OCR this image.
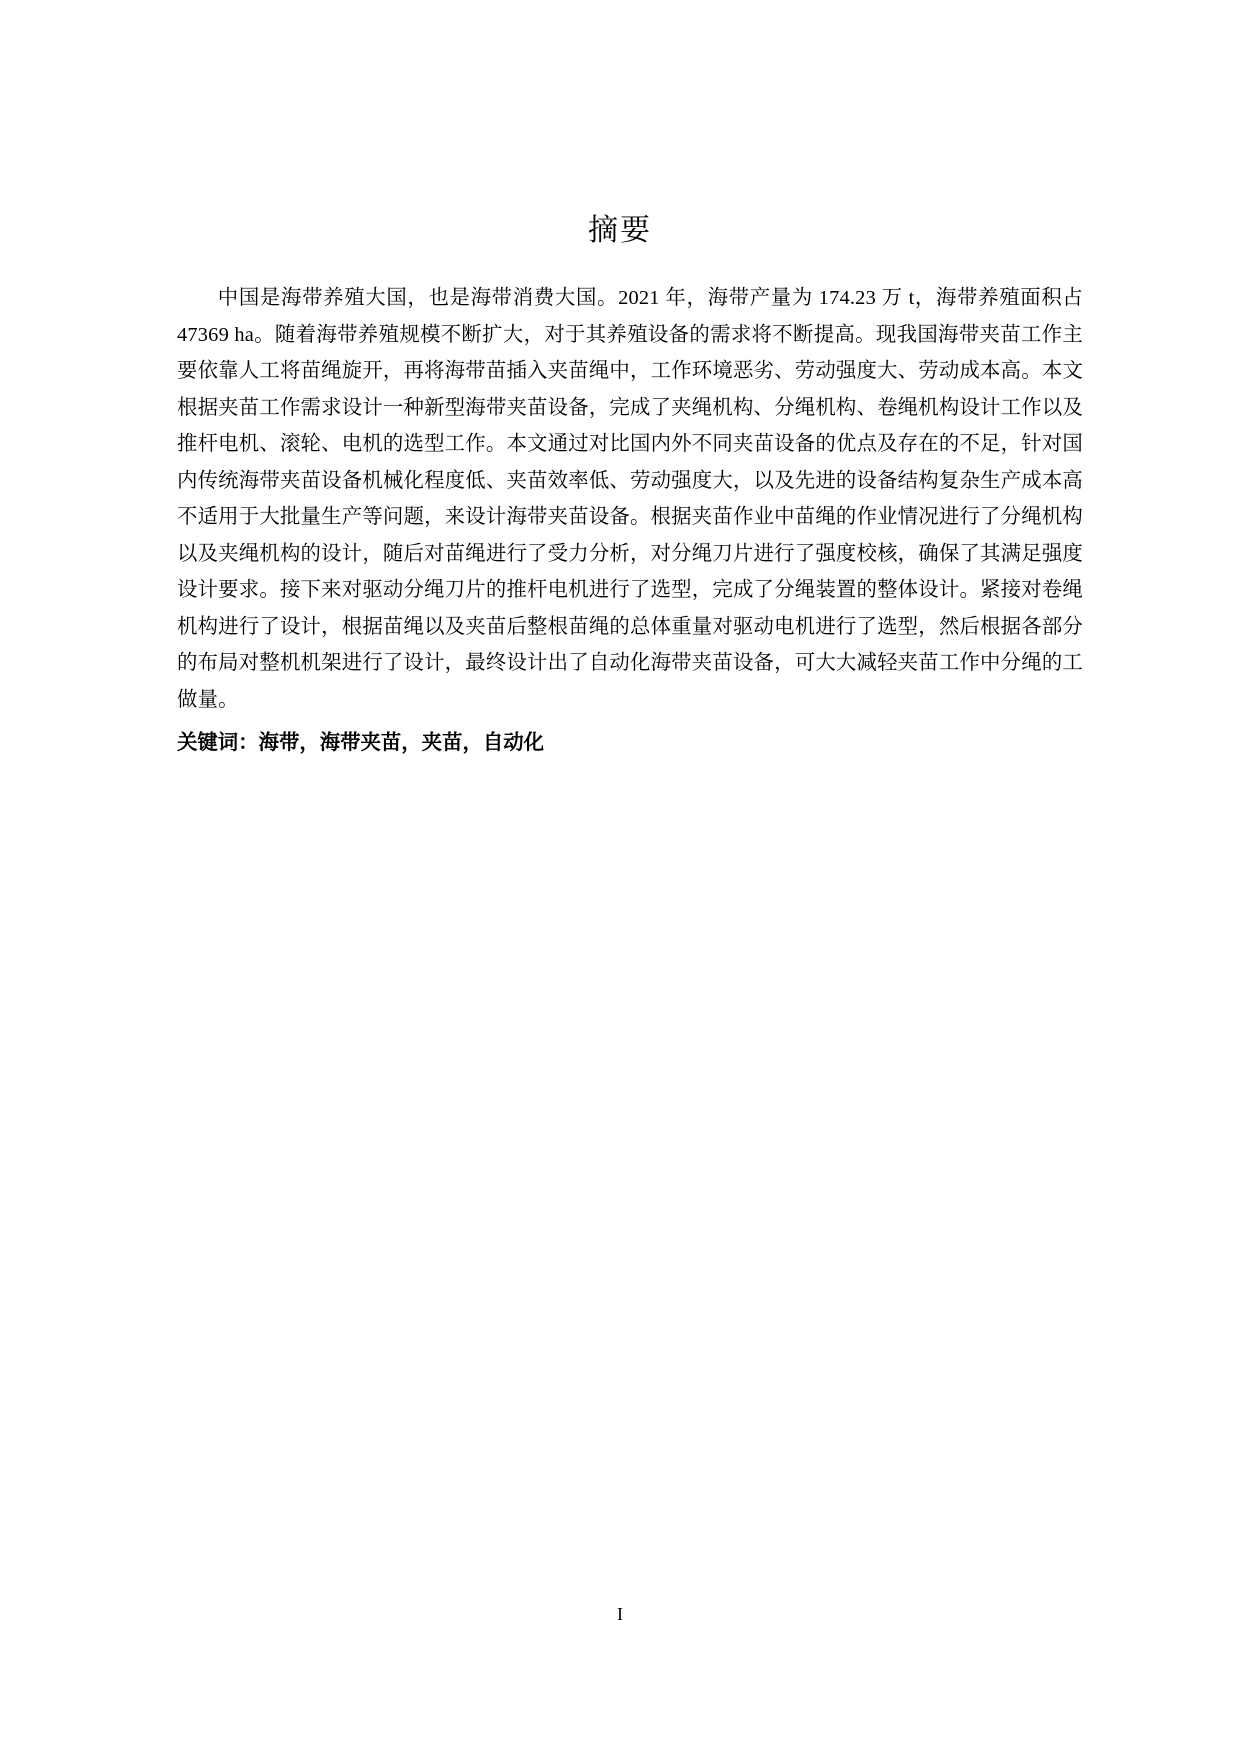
摘要

中国是海带养殖大国，也是海带消费大国。2021 年，海带产量为 174.23 万 t，海带养殖面积占 47369 ha。随着海带养殖规模不断扩大，对于其养殖设备的需求将不断提高。现我国海带夹苗工作主要依靠人工将苗绳旋开，再将海带苗插入夹苗绳中，工作环境恶劣、劳动强度大、劳动成本高。本文根据夹苗工作需求设计一种新型海带夹苗设备，完成了夹绳机构、分绳机构、卷绳机构设计工作以及推杆电机、滚轮、电机的选型工作。本文通过对比国内外不同夹苗设备的优点及存在的不足，针对国内传统海带夹苗设备机械化程度低、夹苗效率低、劳动强度大，以及先进的设备结构复杂生产成本高不适用于大批量生产等问题，来设计海带夹苗设备。根据夹苗作业中苗绳的作业情况进行了分绳机构以及夹绳机构的设计，随后对苗绳进行了受力分析，对分绳刀片进行了强度校核，确保了其满足强度设计要求。接下来对驱动分绳刀片的推杆电机进行了选型，完成了分绳装置的整体设计。紧接对卷绳机构进行了设计，根据苗绳以及夹苗后整根苗绳的总体重量对驱动电机进行了选型，然后根据各部分的布局对整机机架进行了设计，最终设计出了自动化海带夹苗设备，可大大减轻夹苗工作中分绳的工做量。

关键词：海带，海带夹苗，夹苗，自动化

I
